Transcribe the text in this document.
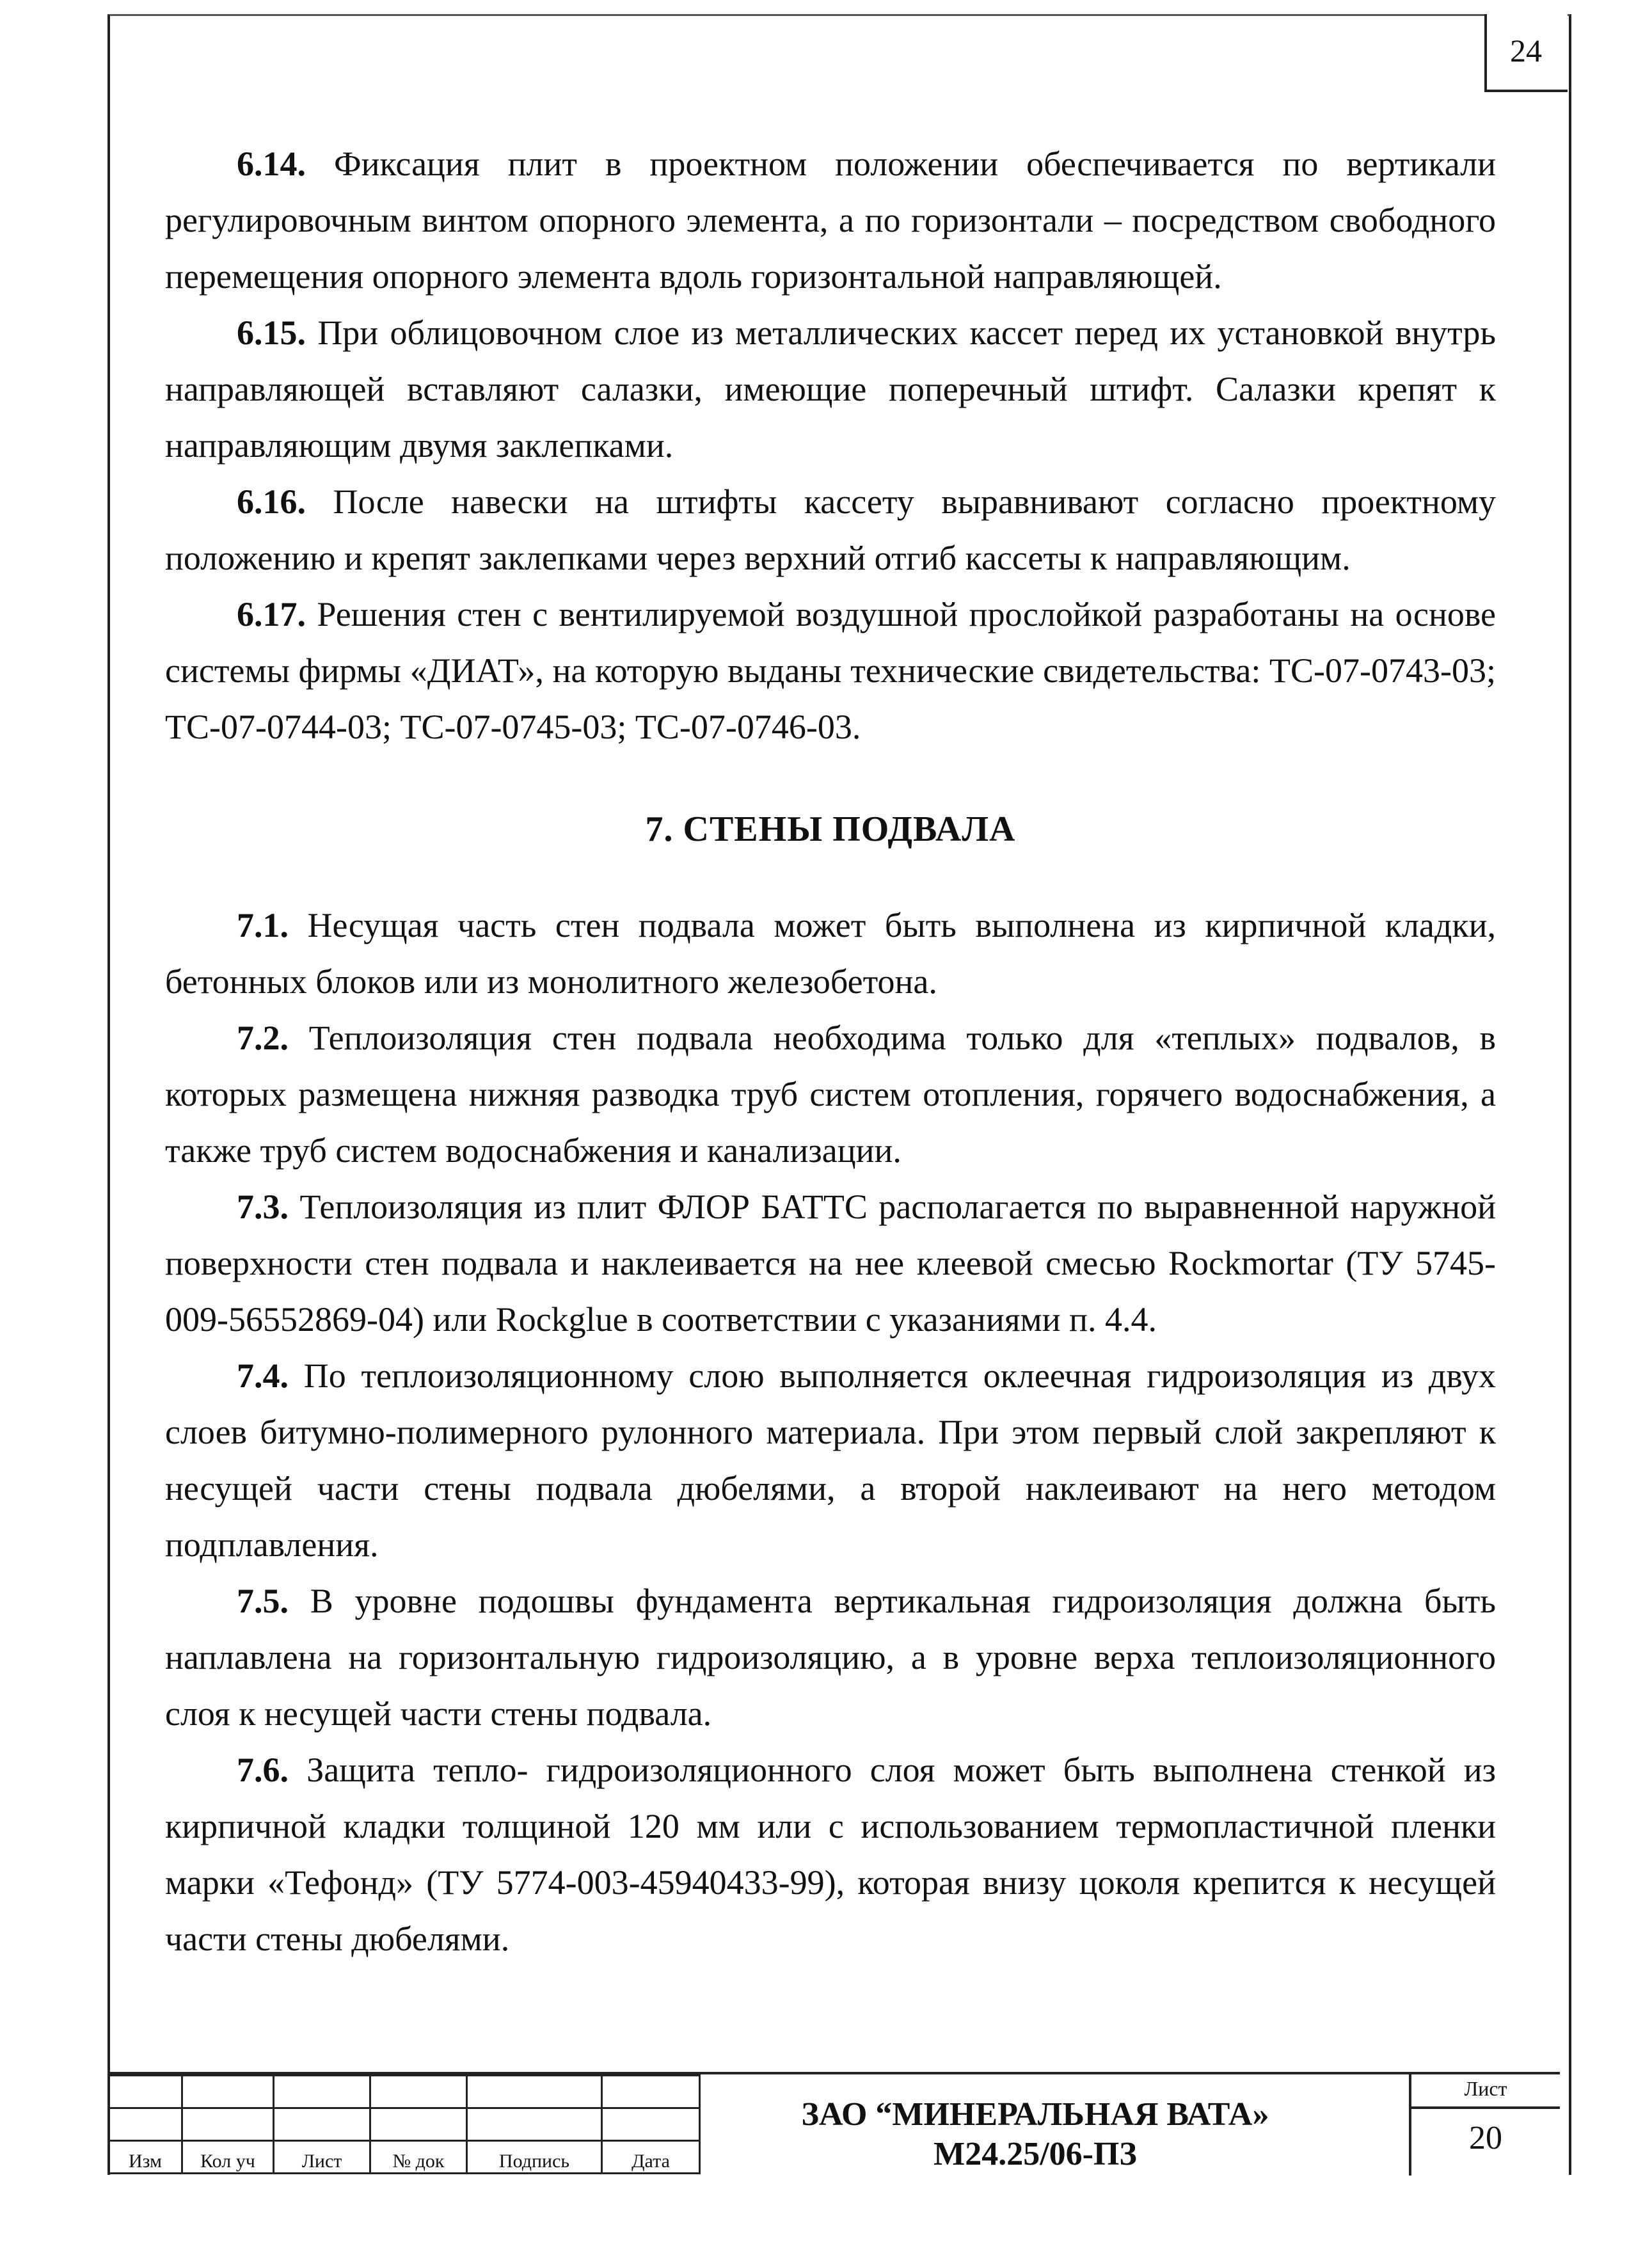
24

6.14. Фиксация плит в проектном положении обеспечивается по вертикали регулировочным винтом опорного элемента, а по горизонтали – посредством свободного перемещения опорного элемента вдоль горизонтальной направляющей.

6.15. При облицовочном слое из металлических кассет перед их установкой внутрь направляющей вставляют салазки, имеющие поперечный штифт. Салазки крепят к направляющим двумя заклепками.

6.16. После навески на штифты кассету выравнивают согласно проектному положению и крепят заклепками через верхний отгиб кассеты к направляющим.

6.17. Решения стен с вентилируемой воздушной прослойкой разработаны на основе системы фирмы «ДИАТ», на которую выданы технические свидетельства: ТС-07-0743-03; ТС-07-0744-03; ТС-07-0745-03; ТС-07-0746-03.

7. СТЕНЫ ПОДВАЛА

7.1. Несущая часть стен подвала может быть выполнена из кирпичной кладки, бетонных блоков или из монолитного железобетона.

7.2. Теплоизоляция стен подвала необходима только для «теплых» подвалов, в которых размещена нижняя разводка труб систем отопления, горячего водоснабжения, а также труб систем водоснабжения и канализации.

7.3. Теплоизоляция из плит ФЛОР БАТТС располагается по выравненной наружной поверхности стен подвала и наклеивается на нее клеевой смесью Rockmortar (ТУ 5745-009-56552869-04) или Rockglue в соответствии с указаниями п. 4.4.

7.4. По теплоизоляционному слою выполняется оклеечная гидроизоляция из двух слоев битумно-полимерного рулонного материала. При этом первый слой закрепляют к несущей части стены подвала дюбелями, а второй наклеивают на него методом подплавления.

7.5. В уровне подошвы фундамента вертикальная гидроизоляция должна быть наплавлена на горизонтальную гидроизоляцию, а в уровне верха теплоизоляционного слоя к несущей части стены подвала.

7.6. Защита тепло- гидроизоляционного слоя может быть выполнена стенкой из кирпичной кладки толщиной 120 мм или с использованием термопластичной пленки марки «Тефонд» (ТУ 5774-003-45940433-99), которая внизу цоколя крепится к несущей части стены дюбелями.

Изм	Кол уч	Лист	№ док	Подпись	Дата
ЗАО “МИНЕРАЛЬНАЯ ВАТА»
М24.25/06-ПЗ
Лист
20
